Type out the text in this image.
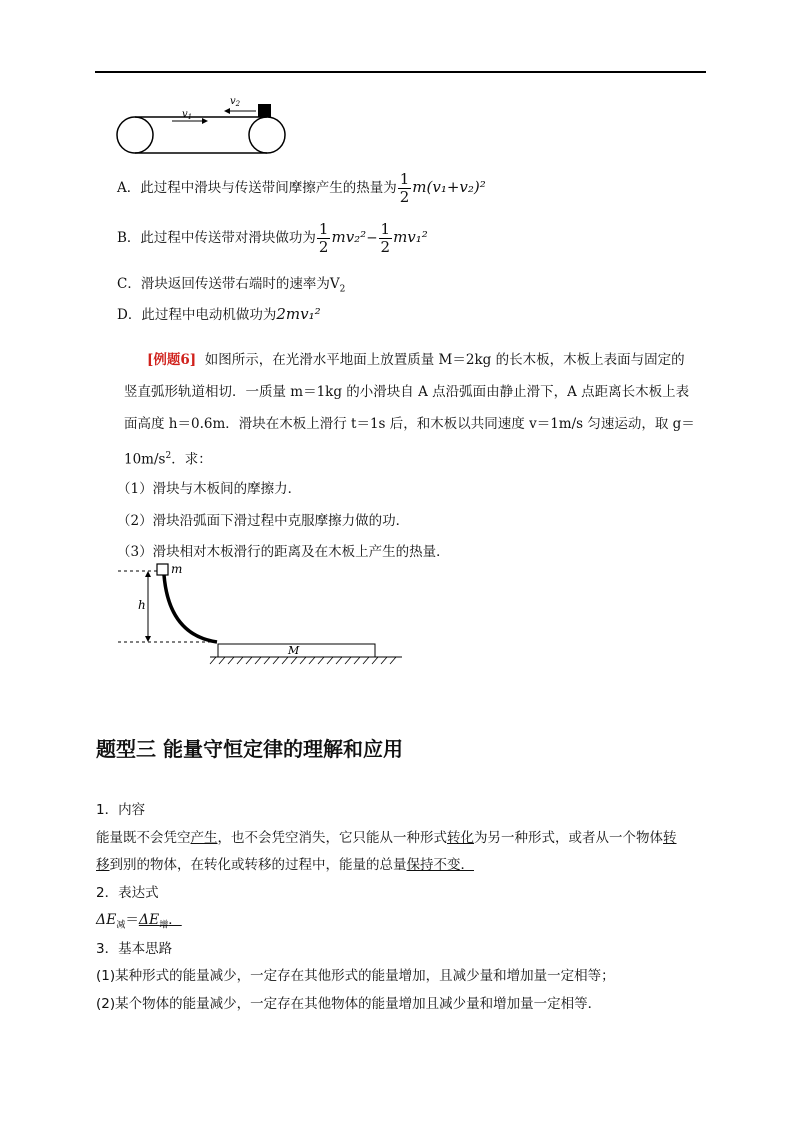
$v_1$
$v_2$
A．此过程中滑块与传送带间摩擦产生的热量为 $\frac{1}{2} m(v_1+v_2)^2$
B．此过程中传送带对滑块做功为 $\frac{1}{2} mv_2^2- \frac{1}{2} mv_1^2$
C．滑块返回传送带右端时的速率为$V_2$
D．此过程中电动机做功为2mv₁²
[例题6] 如图所示，在光滑水平地面上放置质量 M＝2kg 的长木板，木板上表面与固定的
竖直弧形轨道相切．一质量 m＝1kg 的小滑块自 A 点沿弧面由静止滑下，A 点距离长木板上表
面高度 h＝0.6m．滑块在木板上滑行 t＝1s 后，和木板以共同速度 v＝1m/s 匀速运动，取 g＝
$10m/s^2$．求：
（1）滑块与木板间的摩擦力．
（2）滑块沿弧面下滑过程中克服摩擦力做的功．
（3）滑块相对木板滑行的距离及在木板上产生的热量．
h
m
M
题型三 能量守恒定律的理解和应用
1．内容
能量既不会凭空产生，也不会凭空消失，它只能从一种形式转化为另一种形式，或者从一个物体转
移到别的物体，在转化或转移的过程中，能量的总量保持不变．
2．表达式
$\Delta E_减=\Delta E_增$．
3．基本思路
(1)某种形式的能量减少，一定存在其他形式的能量增加，且减少量和增加量一定相等；
(2)某个物体的能量减少，一定存在其他物体的能量增加且减少量和增加量一定相等．
